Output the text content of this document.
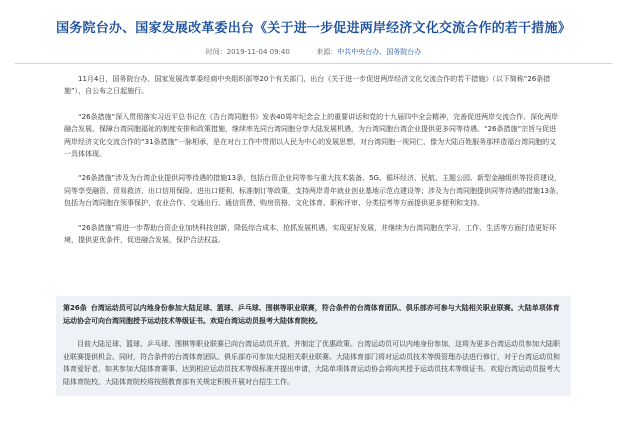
国务院台办、国家发展改革委出台《关于进一步促进两岸经济文化交流合作的若干措施》
时间：2019-11-04 09:40	来源：中共中央台办、国务院台办

11月4日，国务院台办、国家发展改革委经商中央组织部等20个有关部门，出台《关于进一步促进两岸经济文化交流合作的若干措施》（以下简称“26条措施”），自公布之日起施行。

“26条措施”深入贯彻落实习近平总书记在《告台湾同胞书》发表40周年纪念会上的重要讲话和党的十九届四中全会精神，完善促进两岸交流合作、深化两岸融合发展、保障台湾同胞福祉的制度安排和政策措施，继续率先同台湾同胞分享大陆发展机遇，为台湾同胞台湾企业提供更多同等待遇。“26条措施”宗旨与促进两岸经济文化交流合作的“31条措施”一脉相承，是在对台工作中贯彻以人民为中心的发展思想，对台湾同胞一视同仁，像为大陆百姓服务那样造福台湾同胞的又一具体体现。

“26条措施”涉及为台湾企业提供同等待遇的措施13条，包括台资企业同等参与重大技术装备、5G、循环经济、民航、主题公园、新型金融组织等投资建设，同等享受融资、贸易救济、出口信用保险、进出口便利、标准制订等政策，支持两岸青年就业创业基地示范点建设等；涉及为台湾同胞提供同等待遇的措施13条，包括为台湾同胞在领事保护、农业合作、交通出行、通信资费、购房资格、文化体育、职称评审、分类招考等方面提供更多便利和支持。

“26条措施”将进一步帮助台资企业加快科技创新，降低综合成本，抢抓发展机遇，实现更好发展，并继续为台湾同胞在学习、工作、生活等方面打造更好环境，提供更优条件，促进融合发展，保护合法权益。

第26条 台湾运动员可以内地身份参加大陆足球、篮球、乒乓球、围棋等职业联赛，符合条件的台湾体育团队、俱乐部亦可参与大陆相关职业联赛。大陆单项体育运动协会可向台湾同胞授予运动技术等级证书。欢迎台湾运动员报考大陆体育院校。

目前大陆足球、篮球、乒乓球、围棋等职业联赛已向台湾运动员开放，并制定了优惠政策。台湾运动员可以内地身份参加，这将为更多台湾运动员参加大陆职业联赛提供机会。同时，符合条件的台湾体育团队、俱乐部亦可参加大陆相关职业联赛。大陆体育部门将对运动员技术等级管理办法进行修订，对于台湾运动员和体育爱好者，如其参加大陆体育赛事、达到相应运动员技术等级标准并提出申请，大陆单项体育运动协会将向其授予运动员技术等级证书。欢迎台湾运动员报考大陆体育院校，大陆体育院校将按照教育部有关规定积极开展对台招生工作。
